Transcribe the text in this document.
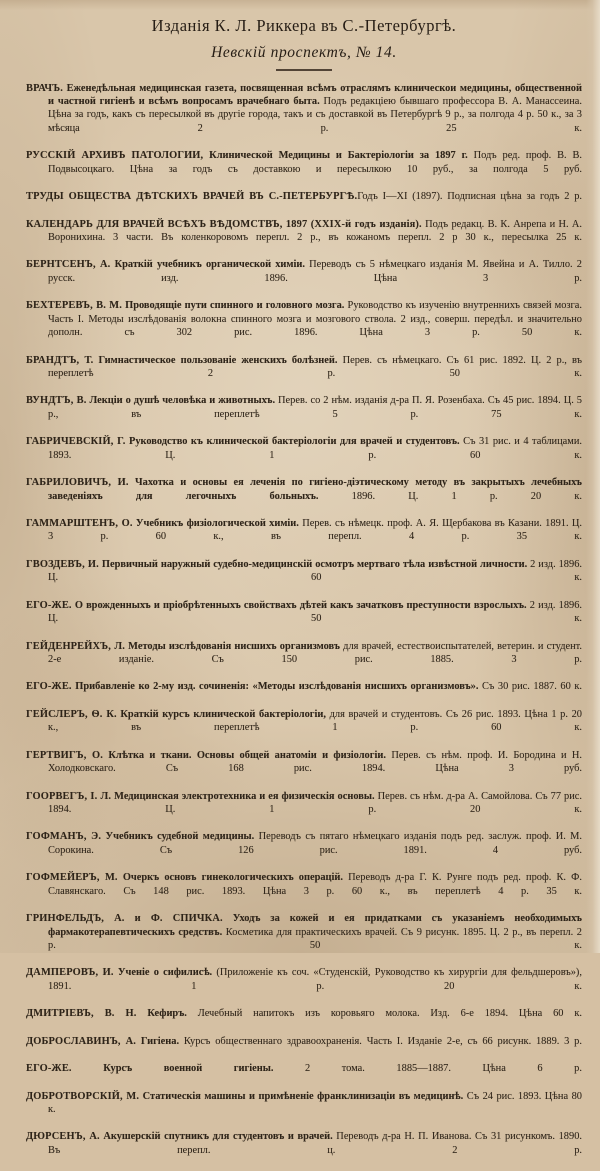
Изданія К. Л. Риккера въ С.-Петербургѣ.
Невскій проспектъ, № 14.

ВРАЧЪ. Еженедѣльная медицинская газета, посвященная всѣмъ отраслямъ клиническои медицины, общественной и частной гигіенѣ и всѣмъ вопросамъ врачебнаго быта. Подъ редакцiею бывшаго профессора В. А. Манассеина. Цѣна за годъ, какъ съ пересылкой въ другіе города, такъ и съ доставкой въ Петербургѣ 9 р., за полгода 4 р. 50 к., за 3 мѣсяца 2 р. 25 к.

РУССКІЙ АРХИВЪ ПАТОЛОГИИ, Клинической Медицины и Бактеріологіи за 1897 г. Подъ ред. проф. В. В. Подвысоцкаго. Цѣна за годъ съ доставкою и пересылкою 10 руб., за полгода 5 руб.

ТРУДЫ ОБЩЕСТВА ДѢТСКИХЪ ВРАЧЕЙ ВЪ С.-ПЕТЕРБУРГѢ.Годъ I—XI (1897). Подписная цѣна за годъ 2 р.

КАЛЕНДАРЬ ДЛЯ ВРАЧЕЙ ВСѢХЪ ВѢДОМСТВЪ, 1897 (XXIX-й годъ изданія). Подъ редакц. В. К. Анрепа и Н. А. Воронихина. 3 части. Въ коленкоровомъ перепл. 2 р., въ кожаномъ перепл. 2 р 30 к., пересылка 25 к.

БЕРНТСЕНЪ, А. Краткій учебникъ органической химіи. Переводъ съ 5 нѣмецкаго изданія М. Явейна и А. Тилло. 2 русск. изд. 1896. Цѣна 3 р.

БЕХТЕРЕВЪ, В. М. Проводящіе пути спинного и головного мозга. Руководство къ изученію внутреннихъ связей мозга. Часть I. Методы изслѣдованія волокна спинного мозга и мозгового ствола. 2 изд., соверш. передѣл. и значительно дополн. съ 302 рис. 1896. Цѣна 3 р. 50 к.

БРАНДТЪ, Т. Гимнастическое пользованіе женскихъ болѣзней. Перев. съ нѣмецкаго. Съ 61 рис. 1892. Ц. 2 р., въ переплетѣ 2 р. 50 к.

ВУНДТЪ, В. Лекціи о душѣ человѣка и животныхъ. Перев. со 2 нѣм. изданія д-ра П. Я. Розенбаха. Съ 45 рис. 1894. Ц. 5 р., въ переплетѣ 5 р. 75 к.

ГАБРИЧЕВСКІЙ, Г. Руководство къ клинической бактеріологіи для врачей и студентовъ. Съ 31 рис. и 4 таблицами. 1893. Ц. 1 р. 60 к.

ГАБРИЛОВИЧЪ, И. Чахотка и основы ея леченія по гигіено-діэтическому методу въ закрытыхъ лечебныхъ заведеніяхъ для легочныхъ больныхъ. 1896. Ц. 1 р. 20 к.

ГАММАРШТЕНЪ, О. Учебникъ физіологической химіи. Перев. съ нѣмецк. проф. А. Я. Щербакова въ Казани. 1891. Ц. 3 р. 60 к., въ перепл. 4 р. 35 к.

ГВОЗДЕВЪ, И. Первичный наружный судебно-медицинскій осмотръ мертваго тѣла извѣстной личности. 2 изд. 1896. Ц. 60 к.

ЕГО-ЖЕ. О врожденныхъ и пріобрѣтенныхъ свойствахъ дѣтей какъ зачатковъ преступности взрослыхъ. 2 изд. 1896. Ц. 50 к.

ГЕЙДЕНРЕЙХЪ, Л. Методы изслѣдованія нисшихъ организмовъ для врачей, естествоиспытателей, ветерин. и студент. 2-е изданіе. Съ 150 рис. 1885. 3 р.

ЕГО-ЖЕ. Прибавленіе ко 2-му изд. сочиненія: «Методы изслѣдованія нисшихъ организмовъ». Съ 30 рис. 1887. 60 к.

ГЕЙСЛЕРЪ, Ѳ. К. Краткій курсъ клинической бактеріологіи, для врачей и студентовъ. Съ 26 рис. 1893. Цѣна 1 р. 20 к., въ переплетѣ 1 р. 60 к.

ГЕРТВИГЪ, О. Клѣтка и ткани. Основы общей анатоміи и физіологіи. Перев. съ нѣм. проф. И. Бородина и Н. Холодковскаго. Съ 168 рис. 1894. Цѣна 3 руб.

ГООРВЕГЪ, І. Л. Медицинская электротехника и ея физическія основы. Перев. съ нѣм. д-ра А. Самойлова. Съ 77 рис. 1894. Ц. 1 р. 20 к.

ГОФМАНЪ, Э. Учебникъ судебной медицины. Переводъ съ пятаго нѣмецкаго изданія подъ ред. заслуж. проф. И. М. Сорокина. Съ 126 рис. 1891. 4 руб.

ГОФМЕЙЕРЪ, М. Очеркъ основъ гинекологическихъ операцій. Переводъ д-ра Г. К. Рунге подъ ред. проф. К. Ф. Славянскаго. Съ 148 рис. 1893. Цѣна 3 р. 60 к., въ переплетѣ 4 р. 35 к.

ГРИНФЕЛЬДЪ, А. и Ф. СПИЧКА. Уходъ за кожей и ея придатками съ указаніемъ необходимыхъ фармакотерапевтическихъ средствъ. Косметика для практическихъ врачей. Съ 9 рисунк. 1895. Ц. 2 р., въ перепл. 2 р. 50 к.

ДАМПЕРОВЪ, И. Ученіе о сифилисѣ. (Приложеніе къ соч. «Студенскій, Руководство къ хирургіи для фельдшеровъ»), 1891. 1 р. 20 к.

ДМИТРІЕВЪ, В. Н. Кефиръ. Лечебный напитокъ изъ коровьяго молока. Изд. 6-е 1894. Цѣна 60 к.

ДОБРОСЛАВИНЪ, А. Гигіена. Курсъ общественнаго здравоохраненія. Часть I. Изданіе 2-е, съ 66 рисунк. 1889. 3 р.

ЕГО-ЖЕ. Курсъ военной гигіены. 2 тома. 1885—1887. Цѣна 6 р.

ДОБРОТВОРСКІЙ, М. Статическія машины и примѣненіе франклинизаціи въ медицинѣ. Съ 24 рис. 1893. Цѣна 80 к.

ДЮРСЕНЪ, А. Акушерскій спутникъ для студентовъ и врачей. Переводъ д-ра Н. П. Иванова. Съ 31 рисункомъ. 1890. Въ перепл. ц. 2 р.
